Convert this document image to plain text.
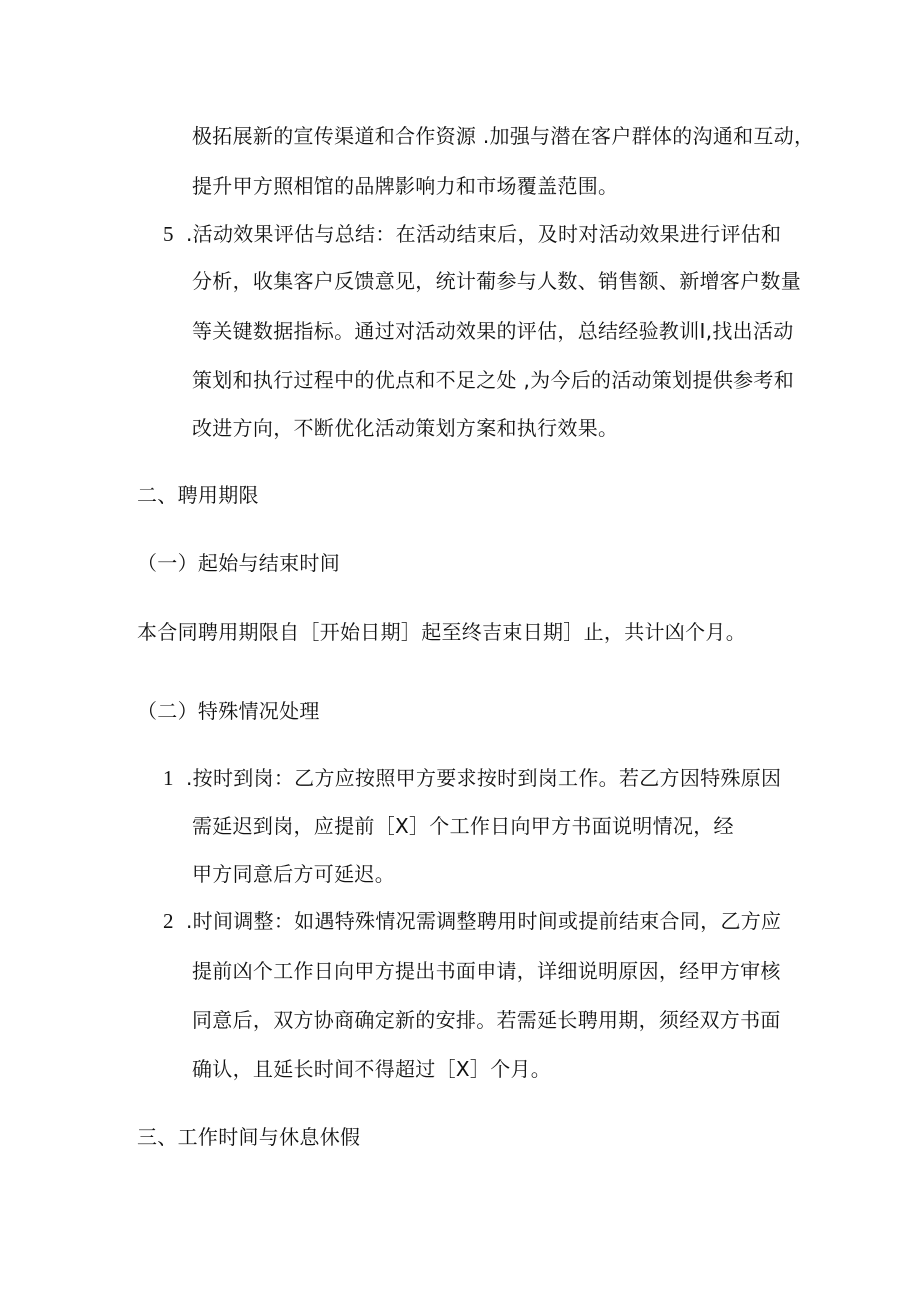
极拓展新的宣传渠道和合作资源 .加强与潜在客户群体的沟通和互动，
提升甲方照相馆的品牌影响力和市场覆盖范围。
5 .活动效果评估与总结：在活动结束后，及时对活动效果进行评估和
分析，收集客户反馈意见，统计葡参与人数、销售额、新增客户数量
等关键数据指标。通过对活动效果的评估，总结经验教训I,找出活动
策划和执行过程中的优点和不足之处 ,为今后的活动策划提供参考和
改进方向，不断优化活动策划方案和执行效果。
二、聘用期限
（一）起始与结束时间
本合同聘用期限自［开始日期］起至终吉束日期］止，共计凶个月。
（二）特殊情况处理
1 .按时到岗：乙方应按照甲方要求按时到岗工作。若乙方因特殊原因
需延迟到岗，应提前［X］个工作日向甲方书面说明情况，经
甲方同意后方可延迟。
2 .时间调整：如遇特殊情况需调整聘用时间或提前结束合同，乙方应
提前凶个工作日向甲方提出书面申请，详细说明原因，经甲方审核
同意后，双方协商确定新的安排。若需延长聘用期，须经双方书面
确认，且延长时间不得超过［X］个月。
三、工作时间与休息休假
